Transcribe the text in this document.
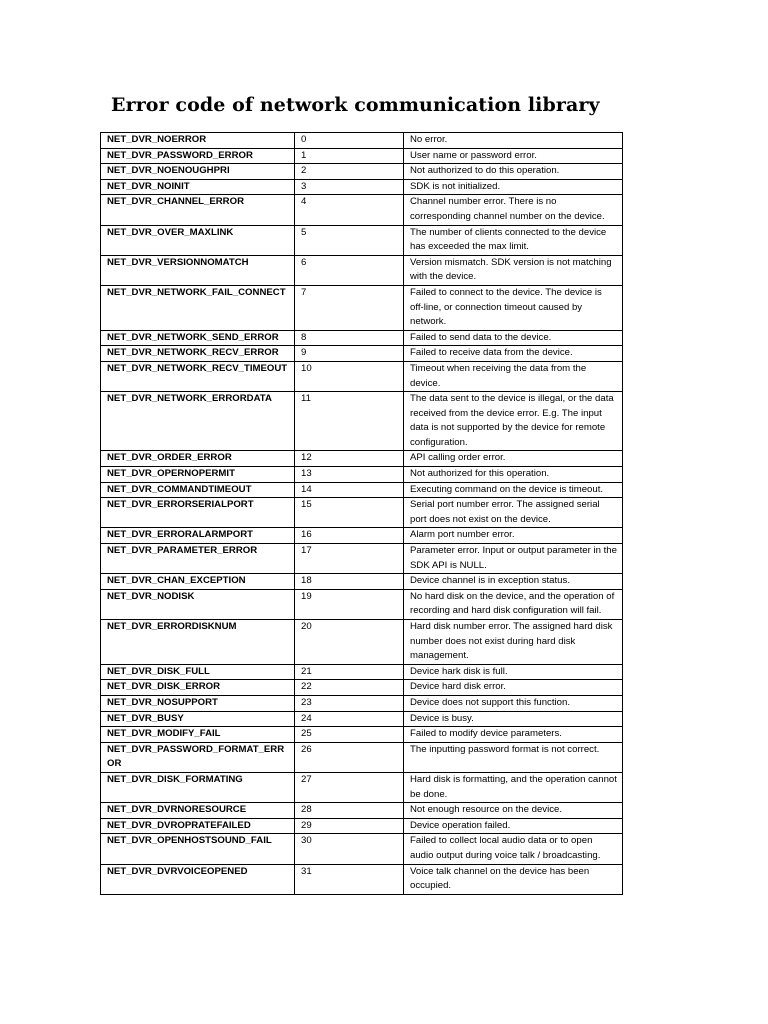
Error code of network communication library
NET_DVR_NOERROR	0	No error.
NET_DVR_PASSWORD_ERROR	1	User name or password error.
NET_DVR_NOENOUGHPRI	2	Not authorized to do this operation.
NET_DVR_NOINIT	3	SDK is not initialized.
NET_DVR_CHANNEL_ERROR	4	Channel number error. There is no corresponding channel number on the device.
NET_DVR_OVER_MAXLINK	5	The number of clients connected to the device has exceeded the max limit.
NET_DVR_VERSIONNOMATCH	6	Version mismatch. SDK version is not matching with the device.
NET_DVR_NETWORK_FAIL_CONNECT	7	Failed to connect to the device. The device is off-line, or connection timeout caused by network.
NET_DVR_NETWORK_SEND_ERROR	8	Failed to send data to the device.
NET_DVR_NETWORK_RECV_ERROR	9	Failed to receive data from the device.
NET_DVR_NETWORK_RECV_TIMEOUT	10	Timeout when receiving the data from the device.
NET_DVR_NETWORK_ERRORDATA	11	The data sent to the device is illegal, or the data received from the device error. E.g. The input data is not supported by the device for remote configuration.
NET_DVR_ORDER_ERROR	12	API calling order error.
NET_DVR_OPERNOPERMIT	13	Not authorized for this operation.
NET_DVR_COMMANDTIMEOUT	14	Executing command on the device is timeout.
NET_DVR_ERRORSERIALPORT	15	Serial port number error. The assigned serial port does not exist on the device.
NET_DVR_ERRORALARMPORT	16	Alarm port number error.
NET_DVR_PARAMETER_ERROR	17	Parameter error. Input or output parameter in the SDK API is NULL.
NET_DVR_CHAN_EXCEPTION	18	Device channel is in exception status.
NET_DVR_NODISK	19	No hard disk on the device, and the operation of recording and hard disk configuration will fail.
NET_DVR_ERRORDISKNUM	20	Hard disk number error. The assigned hard disk number does not exist during hard disk management.
NET_DVR_DISK_FULL	21	Device hark disk is full.
NET_DVR_DISK_ERROR	22	Device hard disk error.
NET_DVR_NOSUPPORT	23	Device does not support this function.
NET_DVR_BUSY	24	Device is busy.
NET_DVR_MODIFY_FAIL	25	Failed to modify device parameters.
NET_DVR_PASSWORD_FORMAT_ERROR	26	The inputting password format is not correct.
NET_DVR_DISK_FORMATING	27	Hard disk is formatting, and the operation cannot be done.
NET_DVR_DVRNORESOURCE	28	Not enough resource on the device.
NET_DVR_DVROPRATEFAILED	29	Device operation failed.
NET_DVR_OPENHOSTSOUND_FAIL	30	Failed to collect local audio data or to open audio output during voice talk / broadcasting.
NET_DVR_DVRVOICEOPENED	31	Voice talk channel on the device has been occupied.
